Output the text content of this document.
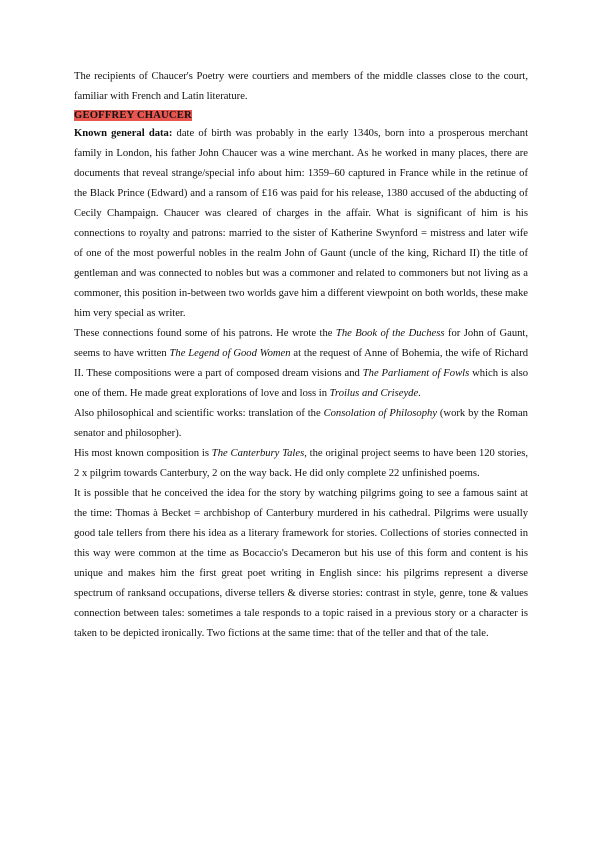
The recipients of Chaucer's Poetry were courtiers and members of the middle classes close to the court, familiar with French and Latin literature.

GEOFFREY CHAUCER

Known general data: date of birth was probably in the early 1340s, born into a prosperous merchant family in London, his father John Chaucer was a wine merchant. As he worked in many places, there are documents that reveal strange/special info about him: 1359–60 captured in France while in the retinue of the Black Prince (Edward) and a ransom of £16 was paid for his release, 1380 accused of the abducting of Cecily Champaign. Chaucer was cleared of charges in the affair. What is significant of him is his connections to royalty and patrons: married to the sister of Katherine Swynford = mistress and later wife of one of the most powerful nobles in the realm John of Gaunt (uncle of the king, Richard II) the title of gentleman and was connected to nobles but was a commoner and related to commoners but not living as a commoner, this position in-between two worlds gave him a different viewpoint on both worlds, these make him very special as writer.

These connections found some of his patrons. He wrote the The Book of the Duchess for John of Gaunt, seems to have written The Legend of Good Women at the request of Anne of Bohemia, the wife of Richard II. These compositions were a part of composed dream visions and The Parliament of Fowls which is also one of them. He made great explorations of love and loss in Troilus and Criseyde.

Also philosophical and scientific works: translation of the Consolation of Philosophy (work by the Roman senator and philosopher).

His most known composition is The Canterbury Tales, the original project seems to have been 120 stories, 2 x pilgrim towards Canterbury, 2 on the way back. He did only complete 22 unfinished poems.

It is possible that he conceived the idea for the story by watching pilgrims going to see a famous saint at the time: Thomas à Becket = archbishop of Canterbury murdered in his cathedral. Pilgrims were usually good tale tellers from there his idea as a literary framework for stories. Collections of stories connected in this way were common at the time as Bocaccio's Decameron but his use of this form and content is his unique and makes him the first great poet writing in English since: his pilgrims represent a diverse spectrum of ranksand occupations, diverse tellers & diverse stories: contrast in style, genre, tone & values connection between tales: sometimes a tale responds to a topic raised in a previous story or a character is taken to be depicted ironically. Two fictions at the same time: that of the teller and that of the tale.
